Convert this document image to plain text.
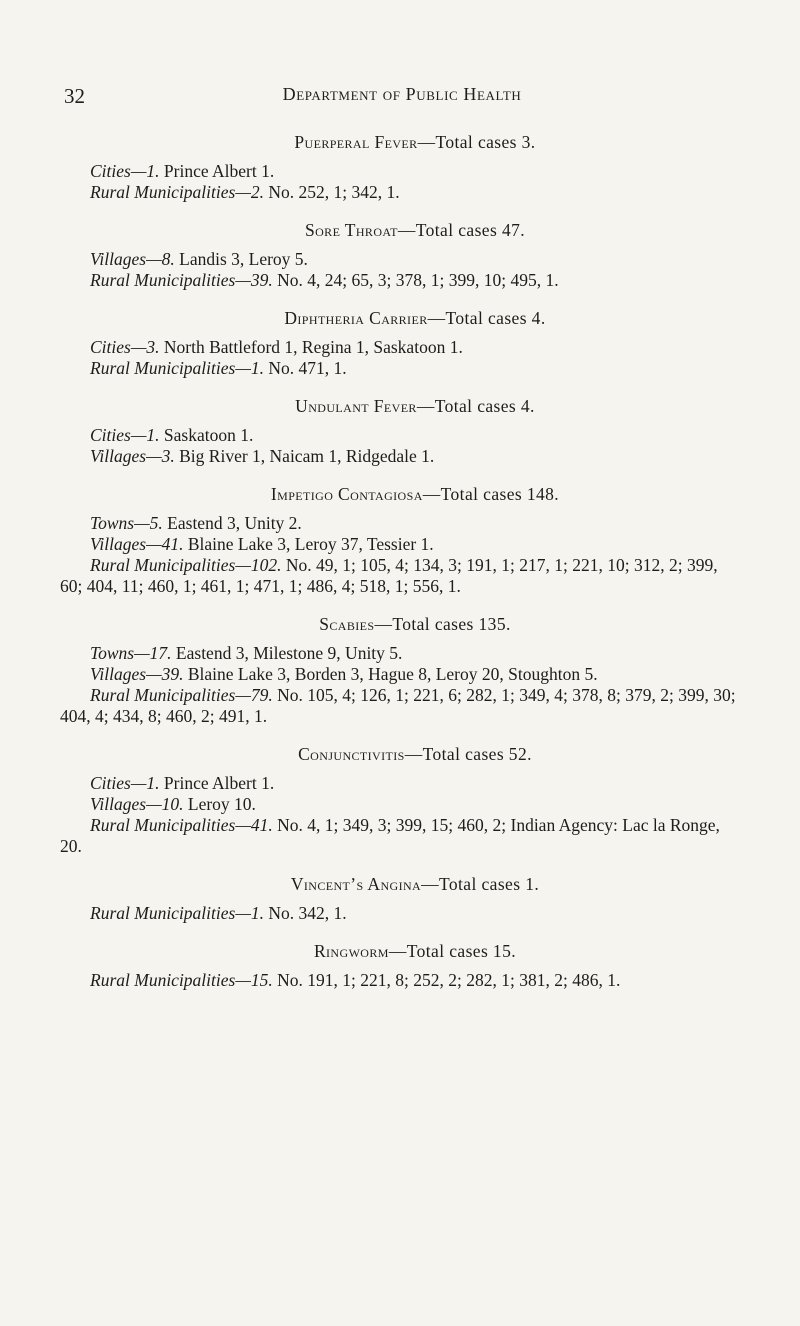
32	Department of Public Health
Puerperal Fever—Total cases 3.
Cities—1. Prince Albert 1.
Rural Municipalities—2. No. 252, 1; 342, 1.
Sore Throat—Total cases 47.
Villages—8. Landis 3, Leroy 5.
Rural Municipalities—39. No. 4, 24; 65, 3; 378, 1; 399, 10; 495, 1.
Diphtheria Carrier—Total cases 4.
Cities—3. North Battleford 1, Regina 1, Saskatoon 1.
Rural Municipalities—1. No. 471, 1.
Undulant Fever—Total cases 4.
Cities—1. Saskatoon 1.
Villages—3. Big River 1, Naicam 1, Ridgedale 1.
Impetigo Contagiosa—Total cases 148.
Towns—5. Eastend 3, Unity 2.
Villages—41. Blaine Lake 3, Leroy 37, Tessier 1.
Rural Municipalities—102. No. 49, 1; 105, 4; 134, 3; 191, 1; 217, 1; 221, 10; 312, 2; 399, 60; 404, 11; 460, 1; 461, 1; 471, 1; 486, 4; 518, 1; 556, 1.
Scabies—Total cases 135.
Towns—17. Eastend 3, Milestone 9, Unity 5.
Villages—39. Blaine Lake 3, Borden 3, Hague 8, Leroy 20, Stoughton 5.
Rural Municipalities—79. No. 105, 4; 126, 1; 221, 6; 282, 1; 349, 4; 378, 8; 379, 2; 399, 30; 404, 4; 434, 8; 460, 2; 491, 1.
Conjunctivitis—Total cases 52.
Cities—1. Prince Albert 1.
Villages—10. Leroy 10.
Rural Municipalities—41. No. 4, 1; 349, 3; 399, 15; 460, 2; Indian Agency: Lac la Ronge, 20.
Vincent’s Angina—Total cases 1.
Rural Municipalities—1. No. 342, 1.
Ringworm—Total cases 15.
Rural Municipalities—15. No. 191, 1; 221, 8; 252, 2; 282, 1; 381, 2; 486, 1.
